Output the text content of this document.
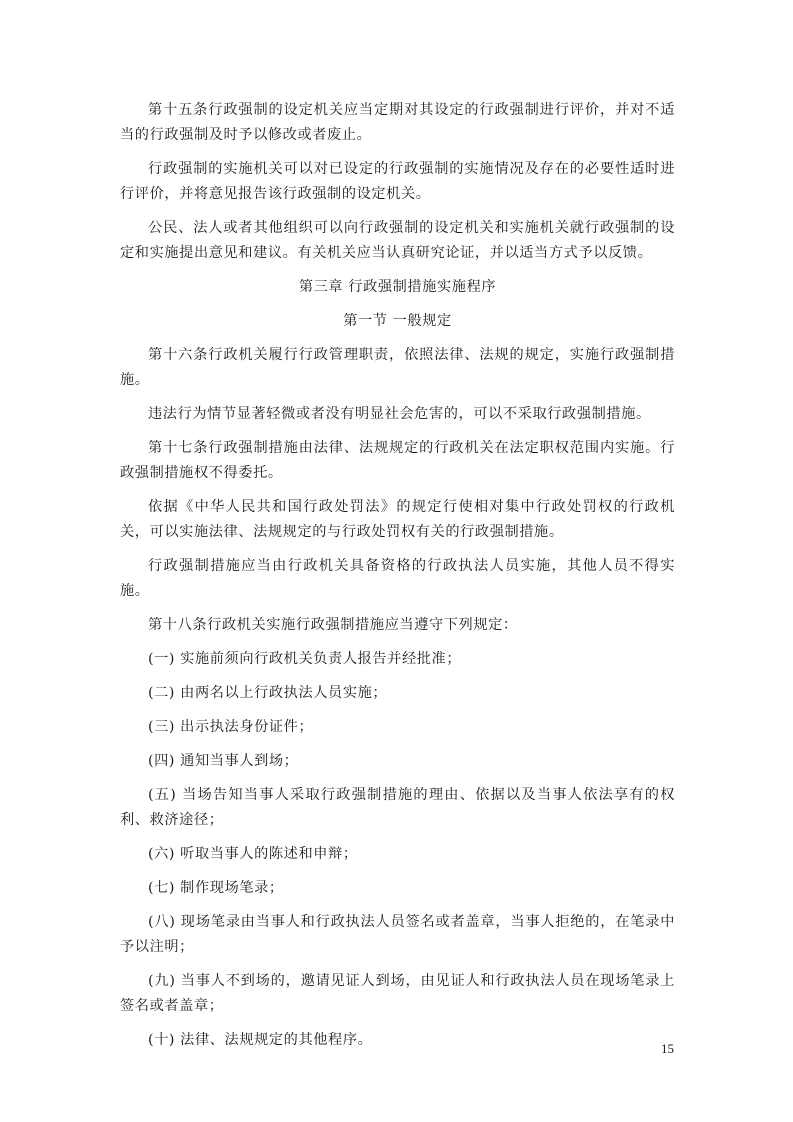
第十五条行政强制的设定机关应当定期对其设定的行政强制进行评价，并对不适当的行政强制及时予以修改或者废止。

行政强制的实施机关可以对已设定的行政强制的实施情况及存在的必要性适时进行评价，并将意见报告该行政强制的设定机关。

公民、法人或者其他组织可以向行政强制的设定机关和实施机关就行政强制的设定和实施提出意见和建议。有关机关应当认真研究论证，并以适当方式予以反馈。

第三章 行政强制措施实施程序

第一节 一般规定

第十六条行政机关履行行政管理职责，依照法律、法规的规定，实施行政强制措施。

违法行为情节显著轻微或者没有明显社会危害的，可以不采取行政强制措施。

第十七条行政强制措施由法律、法规规定的行政机关在法定职权范围内实施。行政强制措施权不得委托。

依据《中华人民共和国行政处罚法》的规定行使相对集中行政处罚权的行政机关，可以实施法律、法规规定的与行政处罚权有关的行政强制措施。

行政强制措施应当由行政机关具备资格的行政执法人员实施，其他人员不得实施。

第十八条行政机关实施行政强制措施应当遵守下列规定：

(一) 实施前须向行政机关负责人报告并经批准；

(二) 由两名以上行政执法人员实施；

(三) 出示执法身份证件；

(四) 通知当事人到场；

(五) 当场告知当事人采取行政强制措施的理由、依据以及当事人依法享有的权利、救济途径；

(六) 听取当事人的陈述和申辩；

(七) 制作现场笔录；

(八) 现场笔录由当事人和行政执法人员签名或者盖章，当事人拒绝的，在笔录中予以注明；

(九) 当事人不到场的，邀请见证人到场，由见证人和行政执法人员在现场笔录上签名或者盖章；

(十) 法律、法规规定的其他程序。

15
